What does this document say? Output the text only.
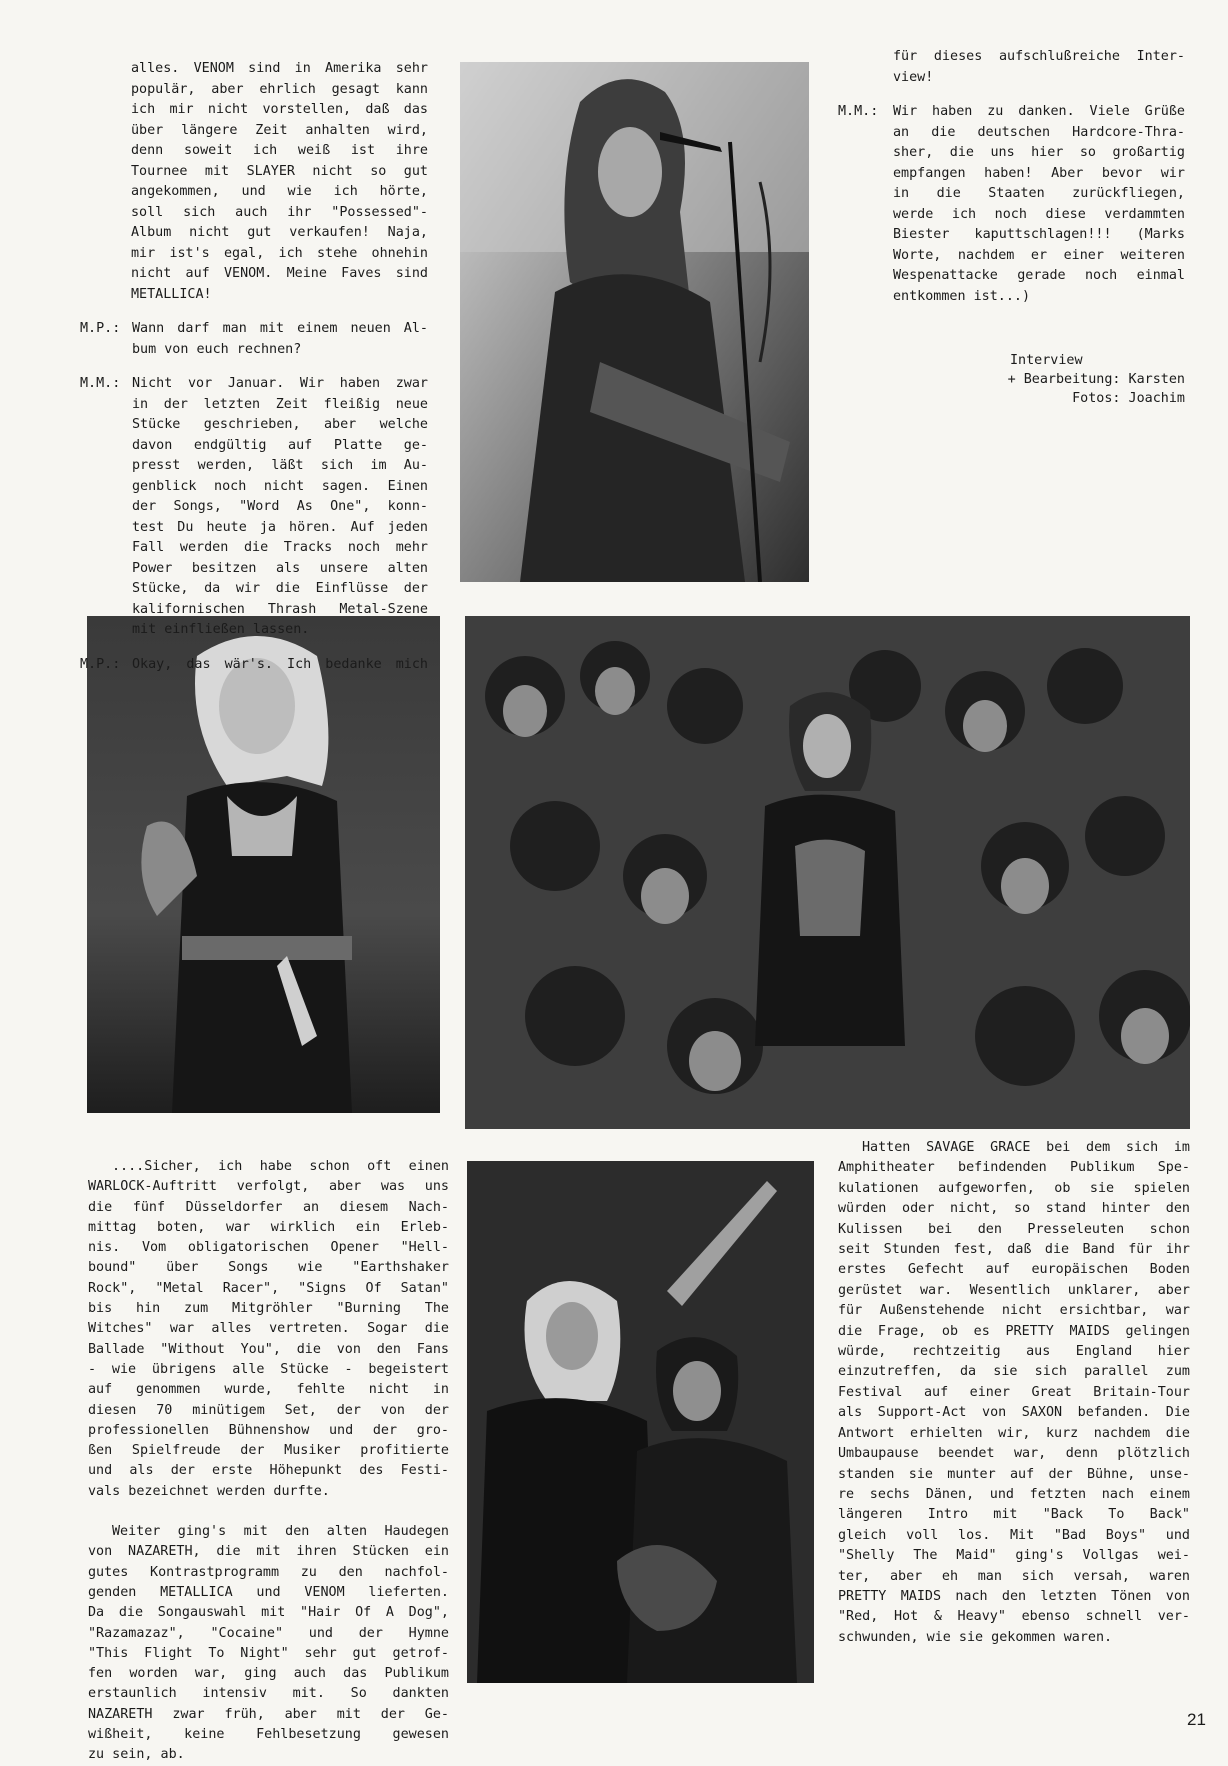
alles. VENOM sind in Amerika sehr
populär, aber ehrlich gesagt kann
ich mir nicht vorstellen, daß das
über längere Zeit anhalten wird,
denn soweit ich weiß ist ihre
Tournee mit SLAYER nicht so gut
angekommen, und wie ich hörte,
soll sich auch ihr "Possessed"-
Album nicht gut verkaufen! Naja,
mir ist's egal, ich stehe ohnehin
nicht auf VENOM. Meine Faves sind
METALLICA!
M.P.: Wann darf man mit einem neuen Al-
bum von euch rechnen?
M.M.: Nicht vor Januar. Wir haben zwar
in der letzten Zeit fleißig neue
Stücke geschrieben, aber welche
davon endgültig auf Platte ge-
presst werden, läßt sich im Au-
genblick noch nicht sagen. Einen
der Songs, "Word As One", konn-
test Du heute ja hören. Auf jeden
Fall werden die Tracks noch mehr
Power besitzen als unsere alten
Stücke, da wir die Einflüsse der
kalifornischen Thrash Metal-Szene
mit einfließen lassen.
M.P.: Okay, das wär's. Ich bedanke mich
für dieses aufschlußreiche Inter-
view!
M.M.:	Wir haben zu danken. Viele Grüße
an die deutschen Hardcore-Thra-
sher, die uns hier so großartig
empfangen haben! Aber bevor wir
in die Staaten zurückfliegen,
werde ich noch diese verdammten
Biester kaputtschlagen!!! (Marks
Worte, nachdem er einer weiteren
Wespenattacke gerade noch einmal
entkommen ist...)
Interview
+ Bearbeitung: Karsten
Fotos: Joachim
....Sicher, ich habe schon oft einen
WARLOCK-Auftritt verfolgt, aber was uns
die fünf Düsseldorfer an diesem Nach-
mittag boten, war wirklich ein Erleb-
nis. Vom obligatorischen Opener "Hell-
bound" über Songs wie "Earthshaker
Rock", "Metal Racer", "Signs Of Satan"
bis hin zum Mitgröhler "Burning The
Witches" war alles vertreten. Sogar die
Ballade "Without You", die von den Fans
- wie übrigens alle Stücke - begeistert
auf genommen wurde, fehlte nicht in
diesen 70 minütigem Set, der von der
professionellen Bühnenshow und der gro-
ßen Spielfreude der Musiker profitierte
und als der erste Höhepunkt des Festi-
vals bezeichnet werden durfte.
Weiter ging's mit den alten Haudegen
von NAZARETH, die mit ihren Stücken ein
gutes Kontrastprogramm zu den nachfol-
genden METALLICA und VENOM lieferten.
Da die Songauswahl mit "Hair Of A Dog",
"Razamazaz", "Cocaine" und der Hymne
"This Flight To Night" sehr gut getrof-
fen worden war, ging auch das Publikum
erstaunlich intensiv mit. So dankten
NAZARETH zwar früh, aber mit der Ge-
wißheit, keine Fehlbesetzung gewesen
zu sein, ab.
Hatten SAVAGE GRACE bei dem sich im
Amphitheater befindenden Publikum Spe-
kulationen aufgeworfen, ob sie spielen
würden oder nicht, so stand hinter den
Kulissen bei den Presseleuten schon
seit Stunden fest, daß die Band für ihr
erstes Gefecht auf europäischen Boden
gerüstet war. Wesentlich unklarer, aber
für Außenstehende nicht ersichtbar, war
die Frage, ob es PRETTY MAIDS gelingen
würde, rechtzeitig aus England hier
einzutreffen, da sie sich parallel zum
Festival auf einer Great Britain-Tour
als Support-Act von SAXON befanden. Die
Antwort erhielten wir, kurz nachdem die
Umbaupause beendet war, denn plötzlich
standen sie munter auf der Bühne, unse-
re sechs Dänen, und fetzten nach einem
längeren Intro mit "Back To Back"
gleich voll los. Mit "Bad Boys" und
"Shelly The Maid" ging's Vollgas wei-
ter, aber eh man sich versah, waren
PRETTY MAIDS nach den letzten Tönen von
"Red, Hot & Heavy" ebenso schnell ver-
schwunden, wie sie gekommen waren.
21
